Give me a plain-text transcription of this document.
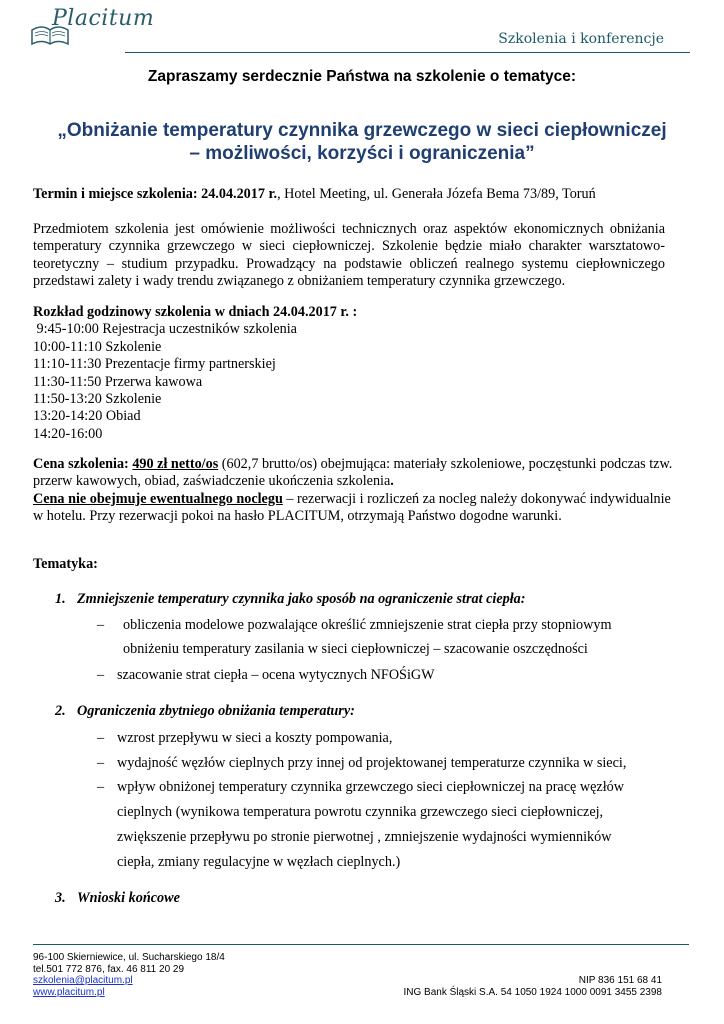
Placitum
Szkolenia i konferencje
Zapraszamy serdecznie Państwa na szkolenie o tematyce:
„Obniżanie temperatury czynnika grzewczego w sieci ciepłowniczej
– możliwości, korzyści i ograniczenia”
Termin i miejsce szkolenia: 24.04.2017 r., Hotel Meeting, ul. Generała Józefa Bema 73/89, Toruń
Przedmiotem szkolenia jest omówienie możliwości technicznych oraz aspektów ekonomicznych obniżania temperatury czynnika grzewczego w sieci ciepłowniczej. Szkolenie będzie miało charakter warsztatowo-teoretyczny – studium przypadku. Prowadzący na podstawie obliczeń realnego systemu ciepłowniczego przedstawi zalety i wady trendu związanego z obniżaniem temperatury czynnika grzewczego.
Rozkład godzinowy szkolenia w dniach 24.04.2017 r. :
9:45-10:00 Rejestracja uczestników szkolenia
10:00-11:10 Szkolenie
11:10-11:30 Prezentacje firmy partnerskiej
11:30-11:50 Przerwa kawowa
11:50-13:20 Szkolenie
13:20-14:20 Obiad
14:20-16:00
Cena szkolenia: 490 zł netto/os (602,7 brutto/os) obejmująca: materiały szkoleniowe, poczęstunki podczas tzw. przerw kawowych, obiad, zaświadczenie ukończenia szkolenia.
Cena nie obejmuje ewentualnego noclegu – rezerwacji i rozliczeń za nocleg należy dokonywać indywidualnie w hotelu. Przy rezerwacji pokoi na hasło PLACITUM, otrzymają Państwo dogodne warunki.
Tematyka:
1. Zmniejszenie temperatury czynnika jako sposób na ograniczenie strat ciepła:
– obliczenia modelowe pozwalające określić zmniejszenie strat ciepła przy stopniowym
obniżeniu temperatury zasilania w sieci ciepłowniczej – szacowanie oszczędności
– szacowanie strat ciepła – ocena wytycznych NFOŚiGW
2. Ograniczenia zbytniego obniżania temperatury:
– wzrost przepływu w sieci a koszty pompowania,
– wydajność węzłów cieplnych przy innej od projektowanej temperaturze czynnika w sieci,
– wpływ obniżonej temperatury czynnika grzewczego sieci ciepłowniczej na pracę węzłów
cieplnych (wynikowa temperatura powrotu czynnika grzewczego sieci ciepłowniczej,
zwiększenie przepływu po stronie pierwotnej , zmniejszenie wydajności wymienników
ciepła, zmiany regulacyjne w węzłach cieplnych.)
3. Wnioski końcowe
96-100 Skierniewice, ul. Sucharskiego 18/4
tel.501 772 876, fax. 46 811 20 29
szkolenia@placitum.pl
www.placitum.pl
NIP 836 151 68 41
ING Bank Śląski S.A. 54 1050 1924 1000 0091 3455 2398
